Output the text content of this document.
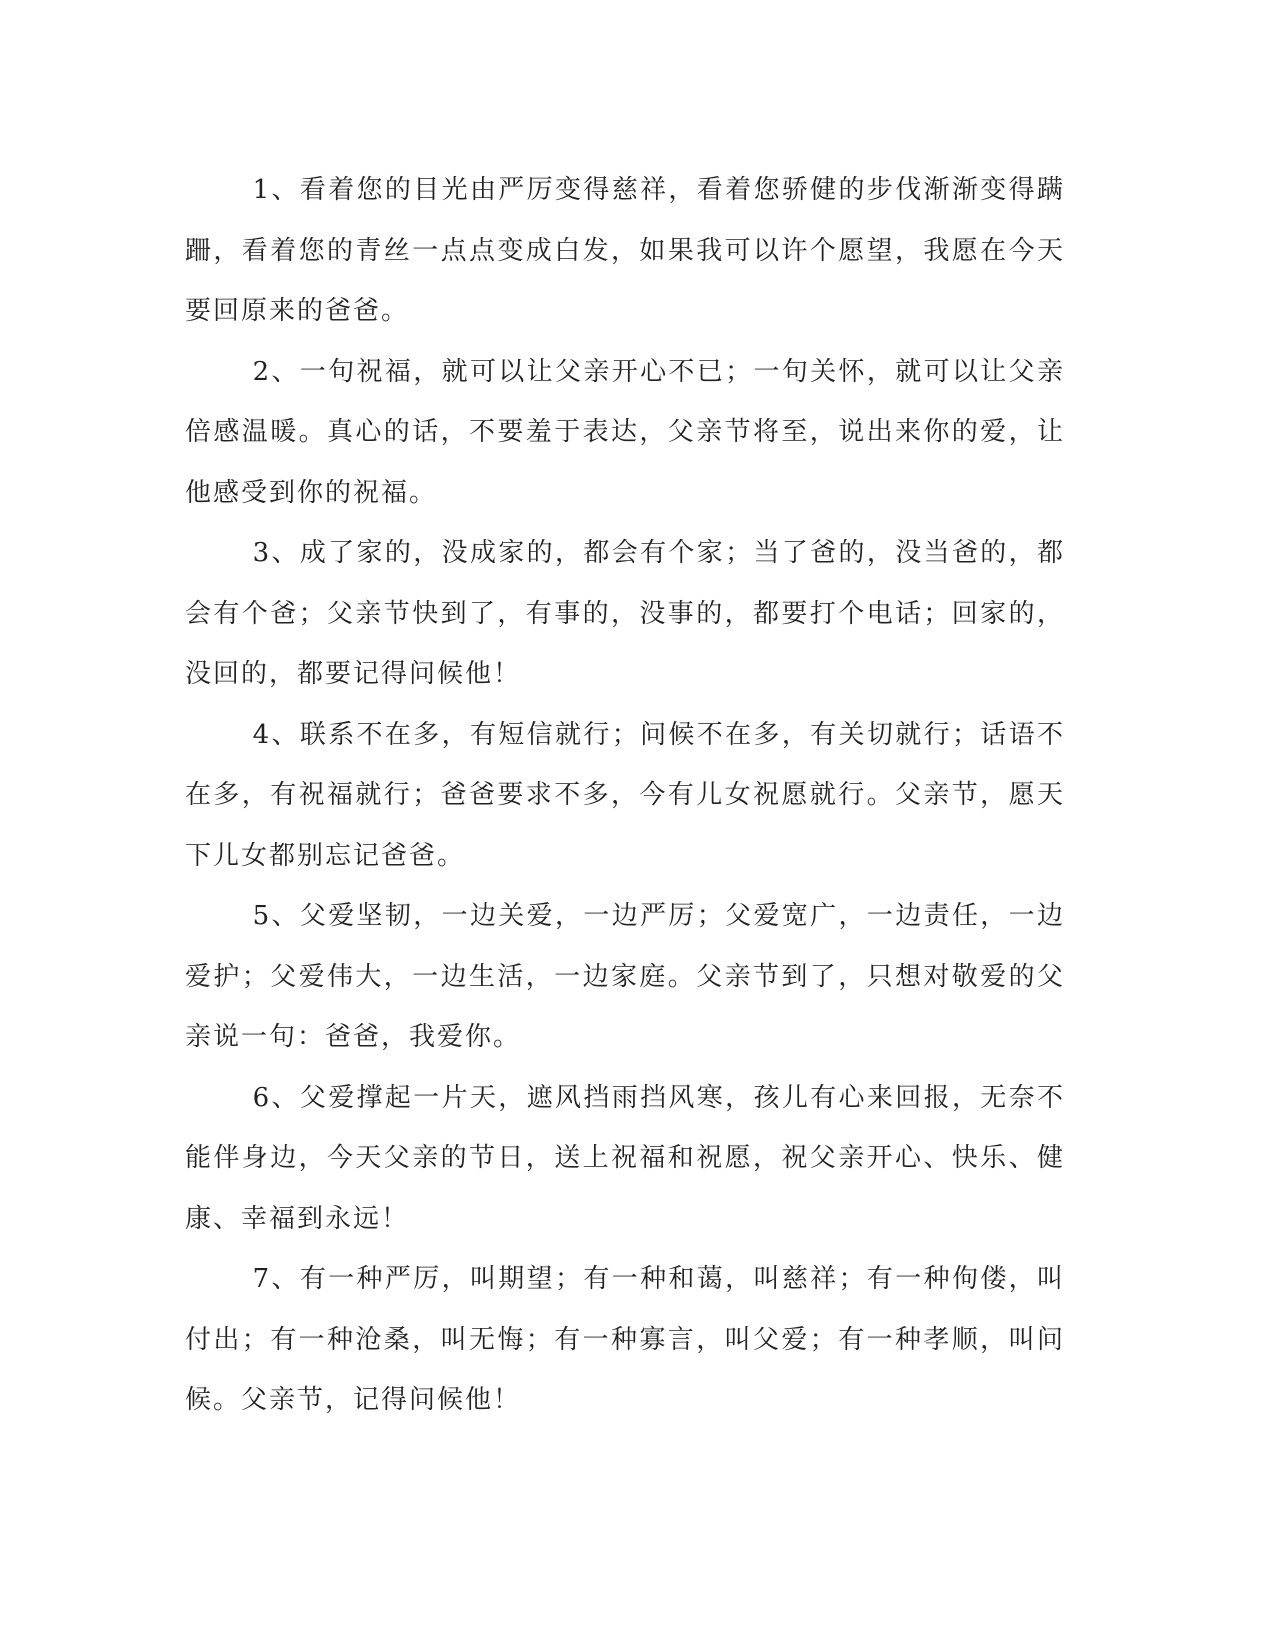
1、看着您的目光由严厉变得慈祥，看着您骄健的步伐渐渐变得蹒跚，看着您的青丝一点点变成白发，如果我可以许个愿望，我愿在今天要回原来的爸爸。

2、一句祝福，就可以让父亲开心不已；一句关怀，就可以让父亲倍感温暖。真心的话，不要羞于表达，父亲节将至，说出来你的爱，让他感受到你的祝福。

3、成了家的，没成家的，都会有个家；当了爸的，没当爸的，都会有个爸；父亲节快到了，有事的，没事的，都要打个电话；回家的，没回的，都要记得问候他！

4、联系不在多，有短信就行；问候不在多，有关切就行；话语不在多，有祝福就行；爸爸要求不多，今有儿女祝愿就行。父亲节，愿天下儿女都别忘记爸爸。

5、父爱坚韧，一边关爱，一边严厉；父爱宽广，一边责任，一边爱护；父爱伟大，一边生活，一边家庭。父亲节到了，只想对敬爱的父亲说一句：爸爸，我爱你。

6、父爱撑起一片天，遮风挡雨挡风寒，孩儿有心来回报，无奈不能伴身边，今天父亲的节日，送上祝福和祝愿，祝父亲开心、快乐、健康、幸福到永远！

7、有一种严厉，叫期望；有一种和蔼，叫慈祥；有一种佝偻，叫付出；有一种沧桑，叫无悔；有一种寡言，叫父爱；有一种孝顺，叫问候。父亲节，记得问候他！
